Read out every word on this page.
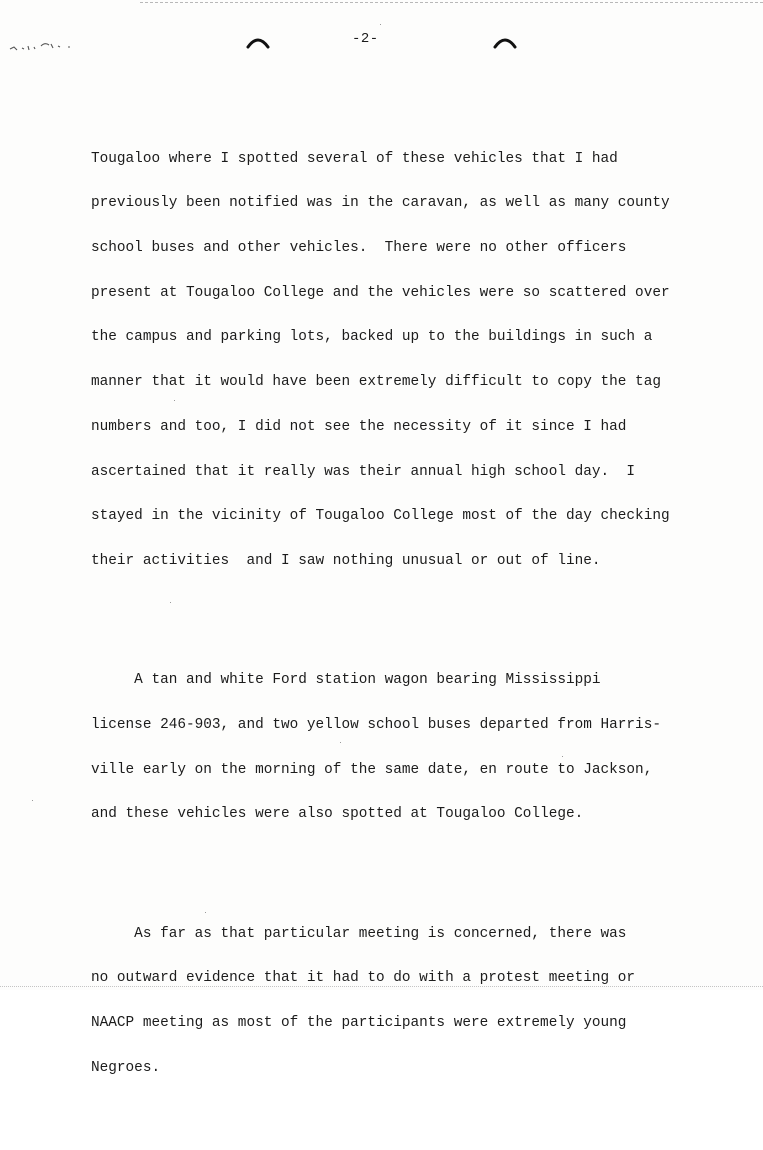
-2-

Tougaloo where I spotted several of these vehicles that I had

previously been notified was in the caravan, as well as many county

school buses and other vehicles.  There were no other officers

present at Tougaloo College and the vehicles were so scattered over

the campus and parking lots, backed up to the buildings in such a

manner that it would have been extremely difficult to copy the tag

numbers and too, I did not see the necessity of it since I had

ascertained that it really was their annual high school day.  I

stayed in the vicinity of Tougaloo College most of the day checking

their activities  and I saw nothing unusual or out of line.

A tan and white Ford station wagon bearing Mississippi

license 246-903, and two yellow school buses departed from Harris-

ville early on the morning of the same date, en route to Jackson,

and these vehicles were also spotted at Tougaloo College.

As far as that particular meeting is concerned, there was

no outward evidence that it had to do with a protest meeting or

NAACP meeting as most of the participants were extremely young

Negroes.
